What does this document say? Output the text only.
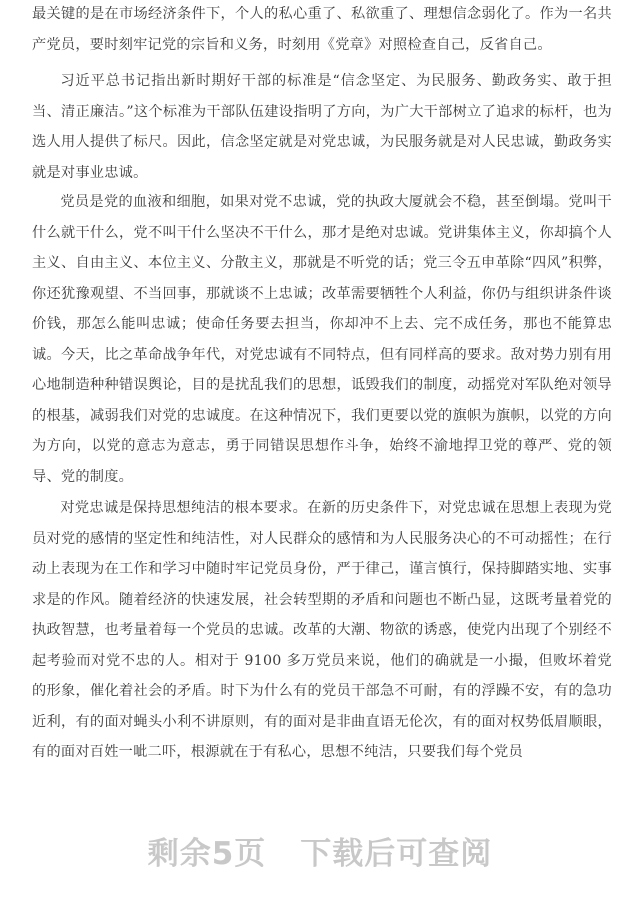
最关键的是在市场经济条件下，个人的私心重了、私欲重了、理想信念弱化了。作为一名共产党员，要时刻牢记党的宗旨和义务，时刻用《党章》对照检查自己，反省自己。

习近平总书记指出新时期好干部的标准是“信念坚定、为民服务、勤政务实、敢于担当、清正廉洁。”这个标准为干部队伍建设指明了方向，为广大干部树立了追求的标杆，也为选人用人提供了标尺。因此，信念坚定就是对党忠诚，为民服务就是对人民忠诚，勤政务实就是对事业忠诚。

党员是党的血液和细胞，如果对党不忠诚，党的执政大厦就会不稳，甚至倒塌。党叫干什么就干什么，党不叫干什么坚决不干什么，那才是绝对忠诚。党讲集体主义，你却搞个人主义、自由主义、本位主义、分散主义，那就是不听党的话；党三令五申革除“四风”积弊，你还犹豫观望、不当回事，那就谈不上忠诚；改革需要牺牲个人利益，你仍与组织讲条件谈价钱，那怎么能叫忠诚；使命任务要去担当，你却冲不上去、完不成任务，那也不能算忠诚。今天，比之革命战争年代，对党忠诚有不同特点，但有同样高的要求。敌对势力别有用心地制造种种错误舆论，目的是扰乱我们的思想，诋毁我们的制度，动摇党对军队绝对领导的根基，减弱我们对党的忠诚度。在这种情况下，我们更要以党的旗帜为旗帜，以党的方向为方向，以党的意志为意志，勇于同错误思想作斗争，始终不渝地捍卫党的尊严、党的领导、党的制度。

对党忠诚是保持思想纯洁的根本要求。在新的历史条件下，对党忠诚在思想上表现为党员对党的感情的坚定性和纯洁性，对人民群众的感情和为人民服务决心的不可动摇性；在行动上表现为在工作和学习中随时牢记党员身份，严于律己，谨言慎行，保持脚踏实地、实事求是的作风。随着经济的快速发展，社会转型期的矛盾和问题也不断凸显，这既考量着党的执政智慧，也考量着每一个党员的忠诚。改革的大潮、物欲的诱惑，使党内出现了个别经不起考验而对党不忠的人。相对于 9100 多万党员来说，他们的确就是一小撮，但败坏着党的形象，催化着社会的矛盾。时下为什么有的党员干部急不可耐，有的浮躁不安，有的急功近利，有的面对蝇头小利不讲原则，有的面对是非曲直语无伦次，有的面对权势低眉顺眼，有的面对百姓一呲二吓，根源就在于有私心，思想不纯洁，只要我们每个党员

剩余5页 下载后可查阅
